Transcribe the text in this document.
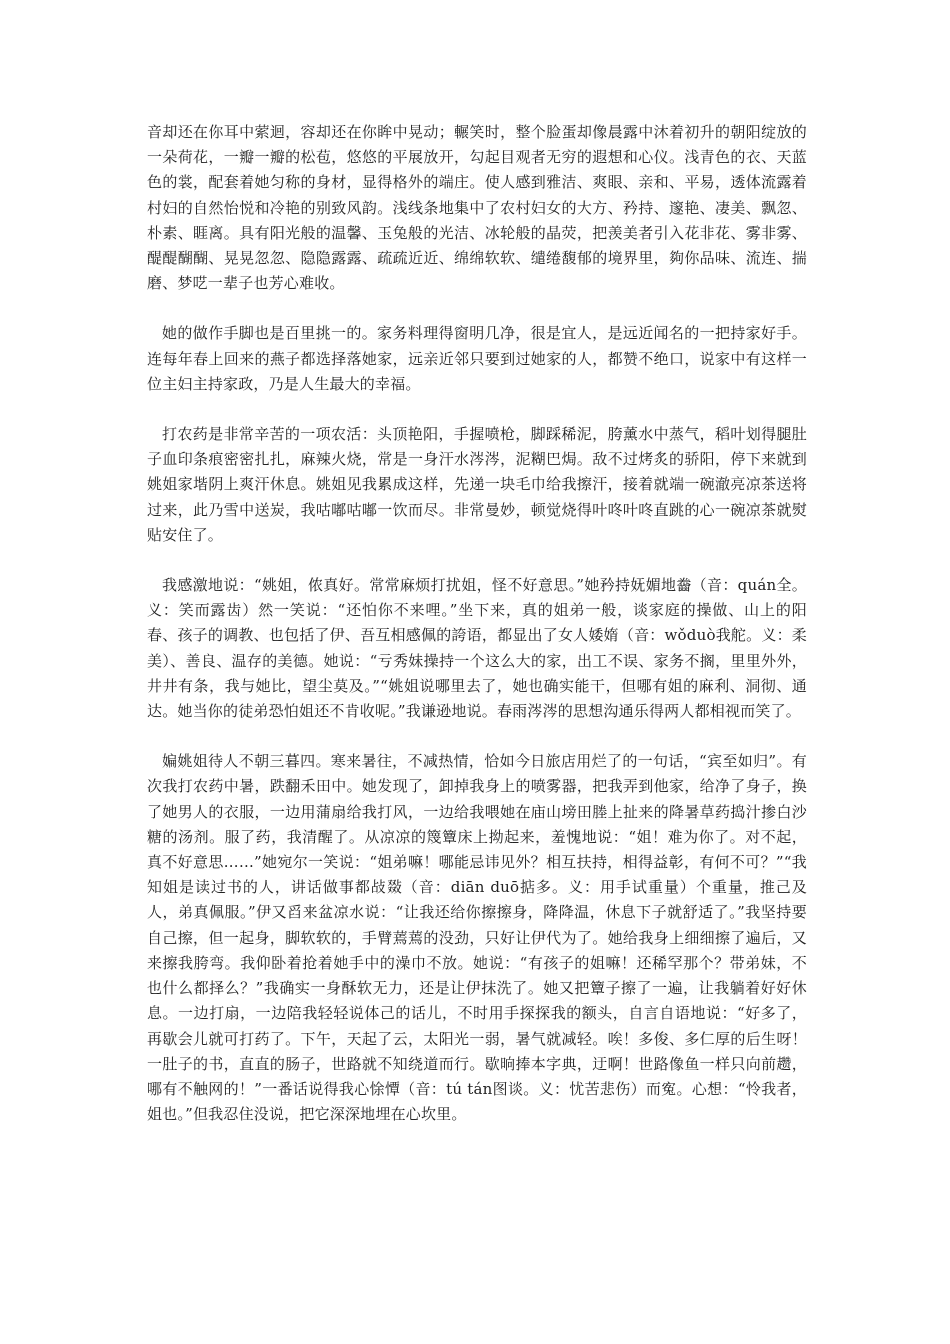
音却还在你耳中萦迴，容却还在你眸中晃动；輾笑时，整个脸蛋却像晨露中沐着初升的朝阳绽放的一朵荷花，一瓣一瓣的松苞，悠悠的平展放开，勾起目观者无穷的遐想和心仪。浅青色的衣、天蓝色的裳，配套着她匀称的身材，显得格外的端庄。使人感到雅洁、爽眼、亲和、平易，透体流露着村妇的自然怡悦和冷艳的别致风韵。浅线条地集中了农村妇女的大方、矜持、邃艳、凄美、飘忽、朴素、睚离。具有阳光般的温馨、玉兔般的光洁、冰轮般的晶荧，把羡美者引入花非花、雾非雾、醍醍醐醐、晃晃忽忽、隐隐露露、疏疏近近、绵绵软软、缱绻馥郁的境界里，夠你品味、流连、揣磨、梦呓一辈子也芳心难收。

她的做作手脚也是百里挑一的。家务料理得窗明几净，很是宜人，是远近闻名的一把持家好手。连每年春上回来的燕子都选择落她家，远亲近邻只要到过她家的人，都赞不绝口，说家中有这样一位主妇主持家政，乃是人生最大的幸福。

打农药是非常辛苦的一项农活：头顶艳阳，手握喷枪，脚踩稀泥，胯薰水中蒸气，稻叶划得腿肚子血印条痕密密扎扎，麻辣火烧，常是一身汗水涔涔，泥糊巴焗。敌不过烤炙的骄阳，停下来就到姚姐家堦阴上爽汗休息。姚姐见我累成这样，先递一块毛巾给我擦汗，接着就端一碗澈亮凉茶送将过来，此乃雪中送炭，我咕嘟咕嘟一饮而尽。非常曼妙，顿觉烧得叶咚叶咚直跳的心一碗凉茶就熨贴安住了。

我感激地说：“姚姐，侬真好。常常麻烦打扰姐，怪不好意思。”她矜持妩媚地齤（音：quán全。义：笑而露齿）然一笑说：“还怕你不来哩。”坐下来，真的姐弟一般，谈家庭的操做、山上的阳春、孩子的调教、也包括了伊、吾互相感佩的誇语，都显出了女人婑媠（音：wǒduò我舵。义：柔美）、善良、温存的美德。她说：“亏秀妹操持一个这么大的家，出工不误、家务不搁，里里外外，井井有条，我与她比，望尘莫及。”“姚姐说哪里去了，她也确实能干，但哪有姐的麻利、洞彻、通达。她当你的徒弟恐怕姐还不肯收呢。”我谦逊地说。春雨涔涔的思想沟通乐得两人都相视而笑了。

媥姚姐待人不朝三暮四。寒来暑往，不减热情，恰如今日旅店用烂了的一句话，“宾至如归”。有次我打农药中暑，跌翻禾田中。她发现了，卸掉我身上的喷雾器，把我弄到他家，给净了身子，换了她男人的衣服，一边用蒲扇给我打风，一边给我喂她在庙山塝田塍上扯来的降暑草药捣汁掺白沙糖的汤剂。服了药，我清醒了。从凉凉的篾簟床上拗起来，羞愧地说：“姐！难为你了。对不起，真不好意思……”她宛尔一笑说：“姐弟嘛！哪能忌讳见外？相互扶持，相得益彰，有何不可？”“我知姐是读过书的人，讲话做事都敁敠（音：diān duō掂多。义：用手试重量）个重量，推己及人，弟真佩服。”伊又舀来盆凉水说：“让我还给你擦擦身，降降温，休息下子就舒适了。”我坚持要自己擦，但一起身，脚软软的，手臂蔫蔫的没劲，只好让伊代为了。她给我身上细细擦了遍后，又来擦我胯弯。我仰卧着抢着她手中的澡巾不放。她说：“有孩子的姐嘛！还稀罕那个？带弟妹，不也什么都择么？”我确实一身酥软无力，还是让伊抹洗了。她又把簟子擦了一遍，让我躺着好好休息。一边打扇，一边陪我轻轻说体己的话儿，不时用手探探我的额头，自言自语地说：“好多了，再歇会儿就可打药了。下午，天起了云，太阳光一弱，暑气就减轻。唉！多俊、多仁厚的后生呀！一肚子的书，直直的肠子，世路就不知绕道而行。歇晌捧本字典，迂啊！世路像鱼一样只向前趱，哪有不触网的！”一番话说得我心悇憛（音：tú tán图谈。义：忧苦悲伤）而寃。心想：“怜我者，姐也。”但我忍住没说，把它深深地埋在心坎里。
